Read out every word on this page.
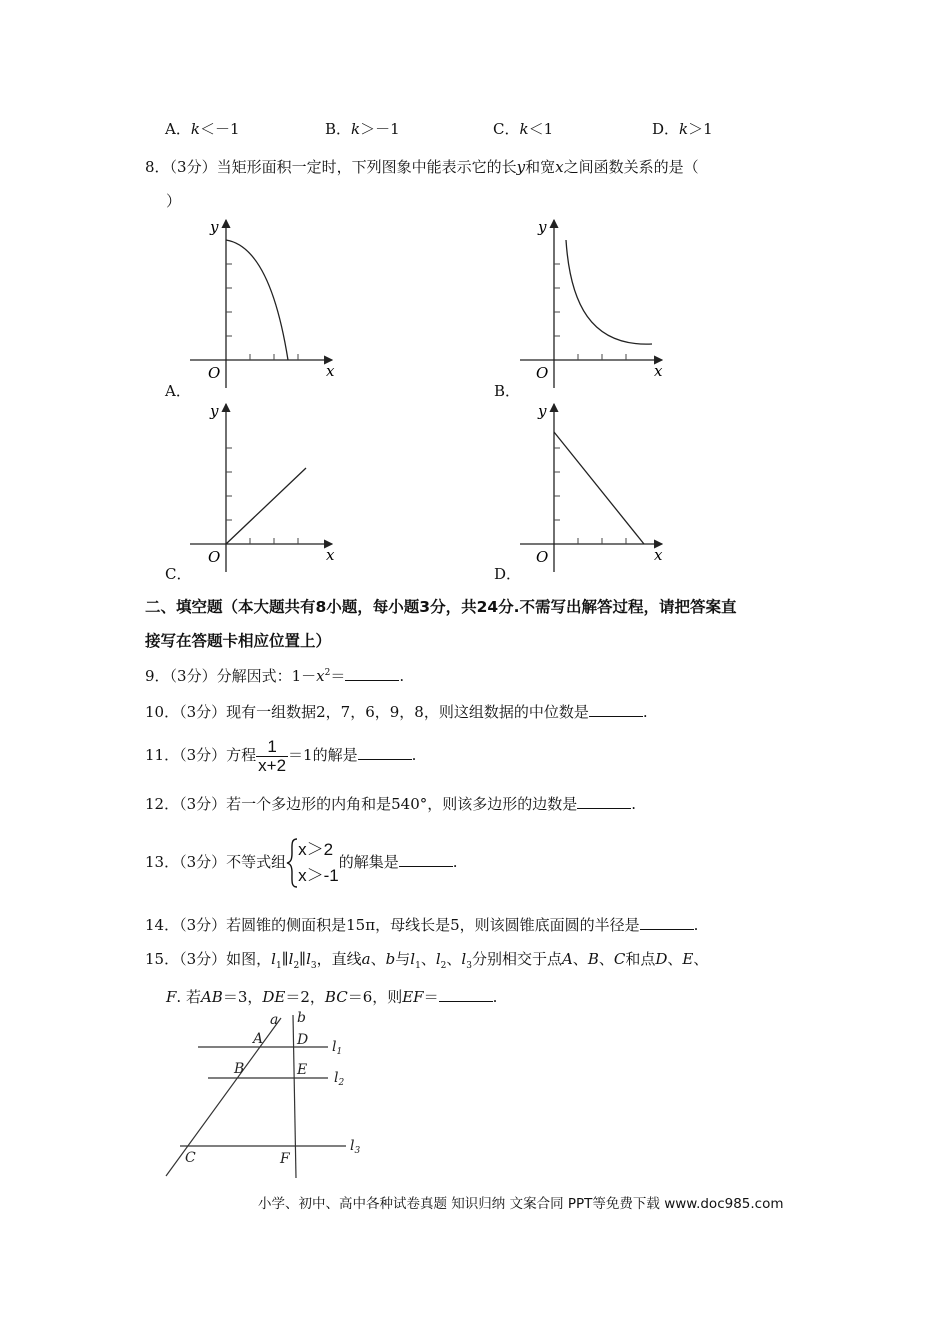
A．k＜－1	B．k＞－1	C．k＜1	D．k＞1
8．（3分）当矩形面积一定时，下列图象中能表示它的长y和宽x之间函数关系的是（
）
y
x
O
A．
y
x
O
B．
y
x
O
C．
y
x
O
D．
二、填空题（本大题共有8小题，每小题3分，共24分.不需写出解答过程，请把答案直
接写在答题卡相应位置上）
9．（3分）分解因式：$1-x^2=$	.
10．（3分）现有一组数据2，7，6，9，8，则这组数据的中位数是	.
11．（3分）方程 $\frac{1}{x+2} =1$的解是	.
12．（3分）若一个多边形的内角和是540°，则该多边形的边数是	.
13．（3分）不等式组
x＞2
x＞-1
的解集是	.
14．（3分）若圆锥的侧面积是15π，母线长是5，则该圆锥底面圆的半径是	.
15．（3分）如图，$l_1\parallel l_2\parallel l_3$，直线a、b与$l_1$、$l_2$、$l_3$分别相交于点A、B、C和点D、E、
F. 若AB＝3，DE＝2，BC＝6，则EF＝	.
a b
A D
B	E
C	F
$l_1$
$l_2$
$l_3$
小学、初中、高中各种试卷真题 知识归纳 文案合同 PPT等免费下载 www.doc985.com
